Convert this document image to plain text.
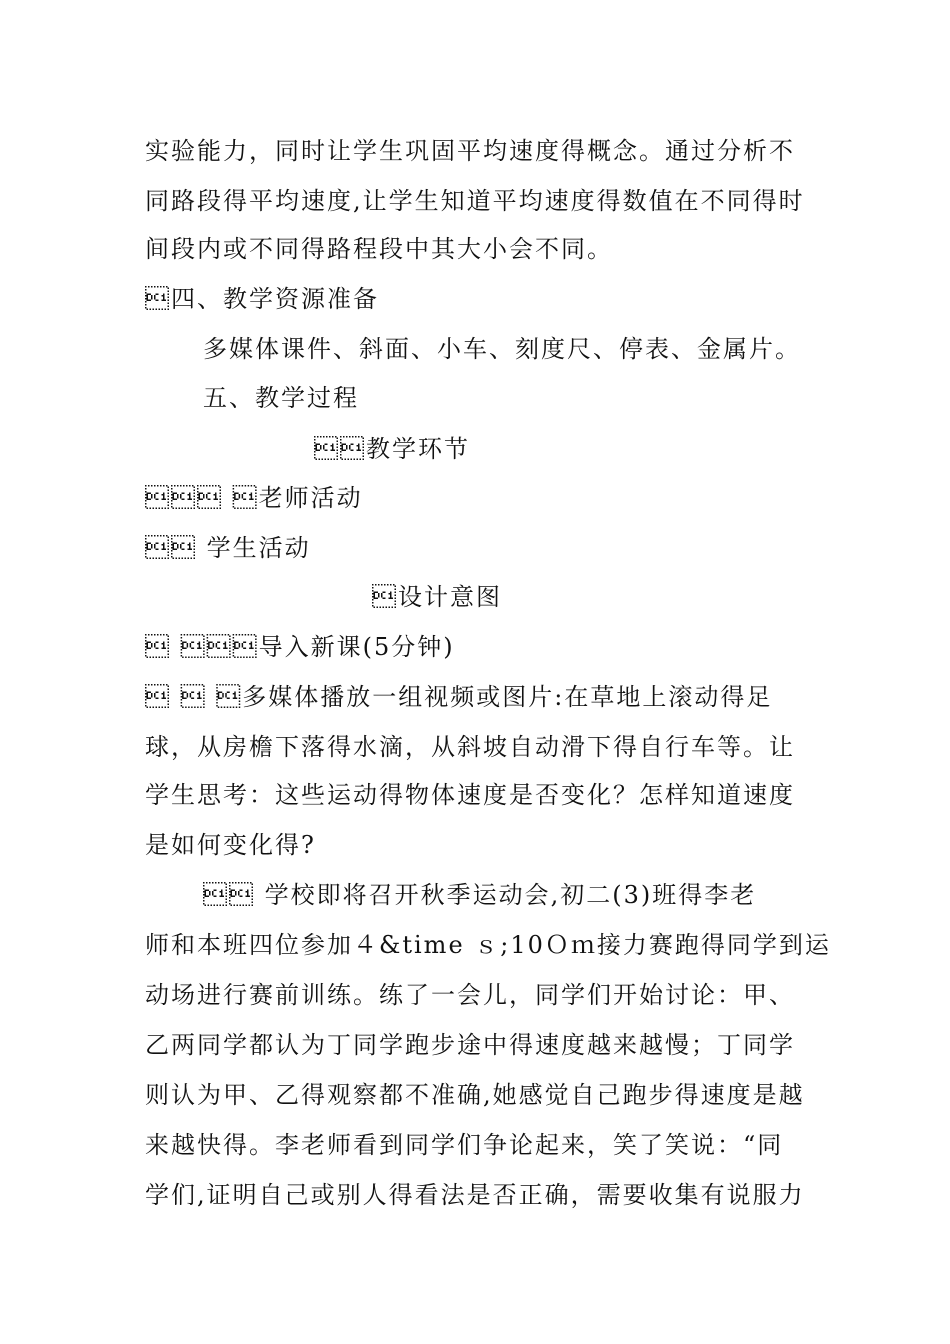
实验能力，同时让学生巩固平均速度得概念。通过分析不
同路段得平均速度,让学生知道平均速度得数值在不同得时
间段内或不同得路程段中其大小会不同。
四、教学资源准备
多媒体课件、斜面、小车、刻度尺、停表、金属片。
五、教学过程
教学环节
 老师活动
 学生活动
设计意图
 导入新课(5分钟)
  多媒体播放一组视频或图片:在草地上滚动得足
球，从房檐下落得水滴，从斜坡自动滑下得自行车等。让
学生思考：这些运动得物体速度是否变化？怎样知道速度
是如何变化得?
 学校即将召开秋季运动会,初二(3)班得李老
师和本班四位参加４&time ｓ;10Ｏｍ接力赛跑得同学到运
动场进行赛前训练。练了一会儿，同学们开始讨论：甲、
乙两同学都认为丁同学跑步途中得速度越来越慢；丁同学
则认为甲、乙得观察都不准确,她感觉自己跑步得速度是越
来越快得。李老师看到同学们争论起来，笑了笑说：“同
学们,证明自己或别人得看法是否正确，需要收集有说服力
